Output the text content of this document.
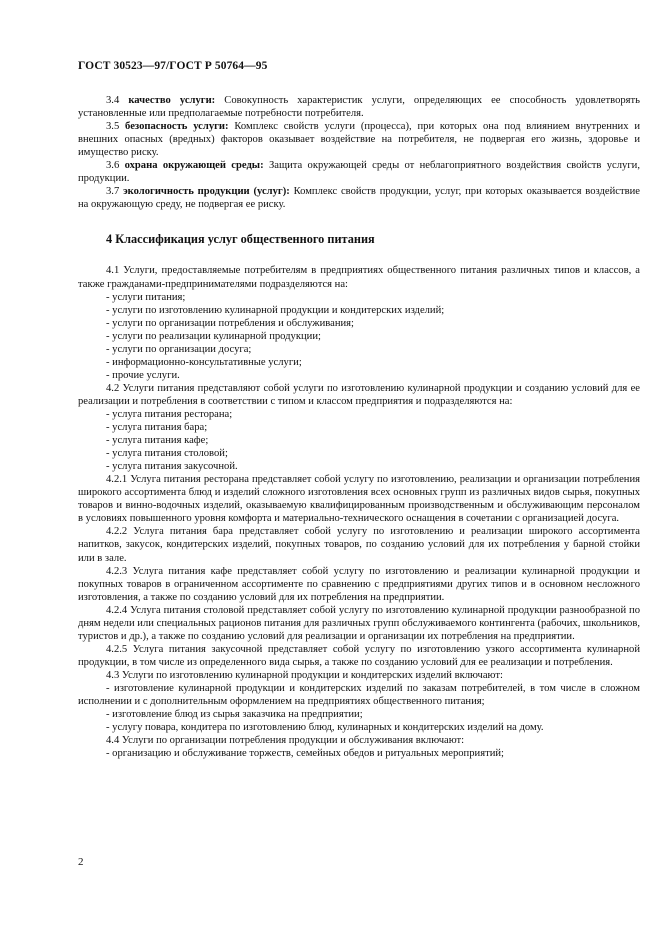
ГОСТ 30523—97/ГОСТ Р 50764—95

3.4 качество услуги: Совокупность характеристик услуги, определяющих ее способность удовлетворять установленные или предполагаемые потребности потребителя.

3.5 безопасность услуги: Комплекс свойств услуги (процесса), при которых она под влиянием внутренних и внешних опасных (вредных) факторов оказывает воздействие на потребителя, не подвергая его жизнь, здоровье и имущество риску.

3.6 охрана окружающей среды: Защита окружающей среды от неблагоприятного воздействия свойств услуги, продукции.

3.7 экологичность продукции (услуг): Комплекс свойств продукции, услуг, при которых оказывается воздействие на окружающую среду, не подвергая ее риску.

4 Классификация услуг общественного питания

4.1 Услуги, предоставляемые потребителям в предприятиях общественного питания различных типов и классов, а также гражданами-предпринимателями подразделяются на:

- услуги питания;

- услуги по изготовлению кулинарной продукции и кондитерских изделий;

- услуги по организации потребления и обслуживания;

- услуги по реализации кулинарной продукции;

- услуги по организации досуга;

- информационно-консультативные услуги;

- прочие услуги.

4.2 Услуги питания представляют собой услуги по изготовлению кулинарной продукции и созданию условий для ее реализации и потребления в соответствии с типом и классом предприятия и подразделяются на:

- услуга питания ресторана;

- услуга питания бара;

- услуга питания кафе;

- услуга питания столовой;

- услуга питания закусочной.

4.2.1 Услуга питания ресторана представляет собой услугу по изготовлению, реализации и организации потребления широкого ассортимента блюд и изделий сложного изготовления всех основных групп из различных видов сырья, покупных товаров и винно-водочных изделий, оказываемую квалифицированным производственным и обслуживающим персоналом в условиях повышенного уровня комфорта и материально-технического оснащения в сочетании с организацией досуга.

4.2.2 Услуга питания бара представляет собой услугу по изготовлению и реализации широкого ассортимента напитков, закусок, кондитерских изделий, покупных товаров, по созданию условий для их потребления у барной стойки или в зале.

4.2.3 Услуга питания кафе представляет собой услугу по изготовлению и реализации кулинарной продукции и покупных товаров в ограниченном ассортименте по сравнению с предприятиями других типов и в основном несложного изготовления, а также по созданию условий для их потребления на предприятии.

4.2.4 Услуга питания столовой представляет собой услугу по изготовлению кулинарной продукции разнообразной по дням недели или специальных рационов питания для различных групп обслуживаемого контингента (рабочих, школьников, туристов и др.), а также по созданию условий для реализации и организации их потребления на предприятии.

4.2.5 Услуга питания закусочной представляет собой услугу по изготовлению узкого ассортимента кулинарной продукции, в том числе из определенного вида сырья, а также по созданию условий для ее реализации и потребления.

4.3 Услуги по изготовлению кулинарной продукции и кондитерских изделий включают:

- изготовление кулинарной продукции и кондитерских изделий по заказам потребителей, в том числе в сложном исполнении и с дополнительным оформлением на предприятиях общественного питания;

- изготовление блюд из сырья заказчика на предприятии;

- услугу повара, кондитера по изготовлению блюд, кулинарных и кондитерских изделий на дому.

4.4 Услуги по организации потребления продукции и обслуживания включают:

- организацию и обслуживание торжеств, семейных обедов и ритуальных мероприятий;

2
